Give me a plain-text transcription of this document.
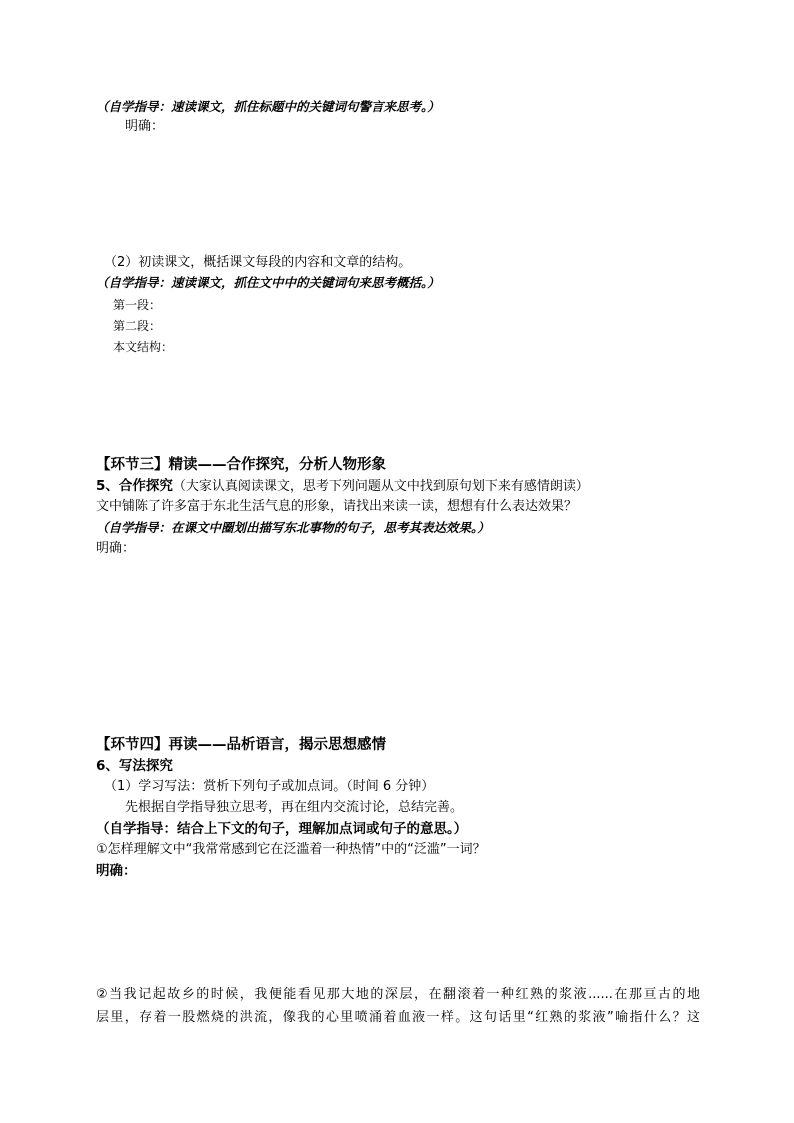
（自学指导：速读课文，抓住标题中的关键词句警言来思考。）
明确：
（2）初读课文，概括课文每段的内容和文章的结构。
（自学指导：速读课文，抓住文中中的关键词句来思考概括。）
第一段：
第二段：
本文结构：
【环节三】精读——合作探究，分析人物形象
5、合作探究（大家认真阅读课文，思考下列问题从文中找到原句划下来有感情朗读）
文中铺陈了许多富于东北生活气息的形象，请找出来读一读，想想有什么表达效果？
（自学指导：在课文中圈划出描写东北事物的句子，思考其表达效果。）
明确：
【环节四】再读——品析语言，揭示思想感情
6、写法探究
（1）学习写法：赏析下列句子或加点词。（时间 6 分钟）
先根据自学指导独立思考，再在组内交流讨论，总结完善。
（自学指导：结合上下文的句子，理解加点词或句子的意思。）
①怎样理解文中“我常常感到它在泛滥着一种热情”中的“泛滥”一词？
明确：
②当我记起故乡的时候，我便能看见那大地的深层，在翻滚着一种红熟的浆液......在那亘古的地
层里，存着一股燃烧的洪流，像我的心里喷涌着血液一样。这句话里“红熟的浆液”喻指什么？这
